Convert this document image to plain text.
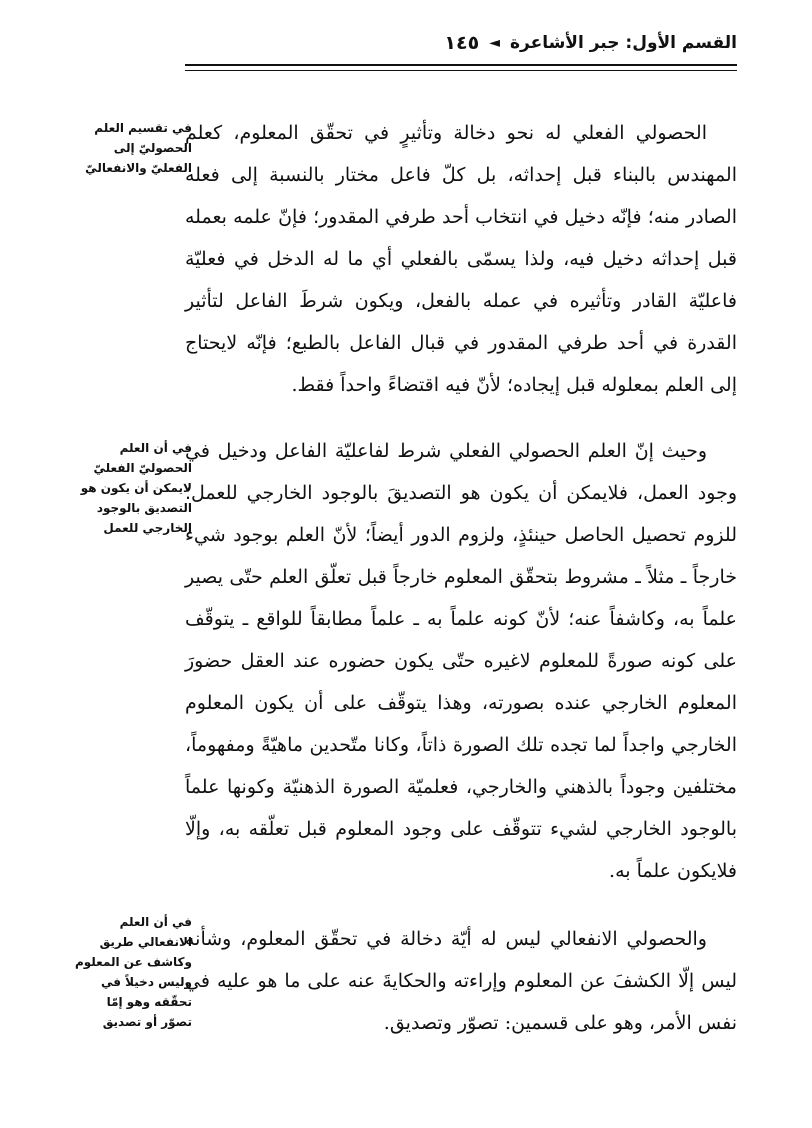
القسم الأول: جبر الأشاعرة
◄
١٤٥
في تقسيم العلم الحصوليّ إلى الفعليّ والانفعاليّ
في أن العلم الحصوليّ الفعليّ لايمكن أن يكون هو التصديق بالوجود الخارجي للعمل
في أن العلم الانفعالي طريق وكاشف عن المعلوم وليس دخيلاً في تحقّقه وهو إمّا تصوّر أو تصديق

الحصولي الفعلي له نحو دخالة وتأثيرٍ في تحقّق المعلوم، كعلم المهندس بالبناء قبل إحداثه، بل كلّ فاعل مختار بالنسبة إلى فعله الصادر منه؛ فإنّه دخيل في انتخاب أحد طرفي المقدور؛ فإنّ علمه بعمله قبل إحداثه دخيل فيه، ولذا يسمّى بالفعلي أي ما له الدخل في فعليّة فاعليّة القادر وتأثيره في عمله بالفعل، ويكون شرطَ الفاعل لتأثير القدرة في أحد طرفي المقدور في قبال الفاعل بالطبع؛ فإنّه لايحتاج إلى العلم بمعلوله قبل إيجاده؛ لأنّ فيه اقتضاءً واحداً فقط.

وحيث إنّ العلم الحصولي الفعلي شرط لفاعليّة الفاعل ودخيل في وجود العمل، فلايمكن أن يكون هو التصديقَ بالوجود الخارجي للعمل؛ للزوم تحصيل الحاصل حينئذٍ، ولزوم الدور أيضاً؛ لأنّ العلم بوجود شيء خارجاً ـ مثلاً ـ مشروط بتحقّق المعلوم خارجاً قبل تعلّق العلم حتّى يصير علماً به، وكاشفاً عنه؛ لأنّ كونه علماً به ـ علماً مطابقاً للواقع ـ يتوقّف على كونه صورةً للمعلوم لاغيره حتّى يكون حضوره عند العقل حضورَ المعلوم الخارجي عنده بصورته، وهذا يتوقّف على أن يكون المعلوم الخارجي واجداً لما تجده تلك الصورة ذاتاً، وكانا متّحدين ماهيّةً ومفهوماً، مختلفين وجوداً بالذهني والخارجي، فعلميّة الصورة الذهنيّة وكونها علماً بالوجود الخارجي لشيء تتوقّف على وجود المعلوم قبل تعلّقه به، وإلّا فلايكون علماً به.

والحصولي الانفعالي ليس له أيّة دخالة في تحقّق المعلوم، وشأنه ليس إلّا الكشفَ عن المعلوم وإراءته والحكايةَ عنه على ما هو عليه في نفس الأمر، وهو على قسمين: تصوّر وتصديق.
